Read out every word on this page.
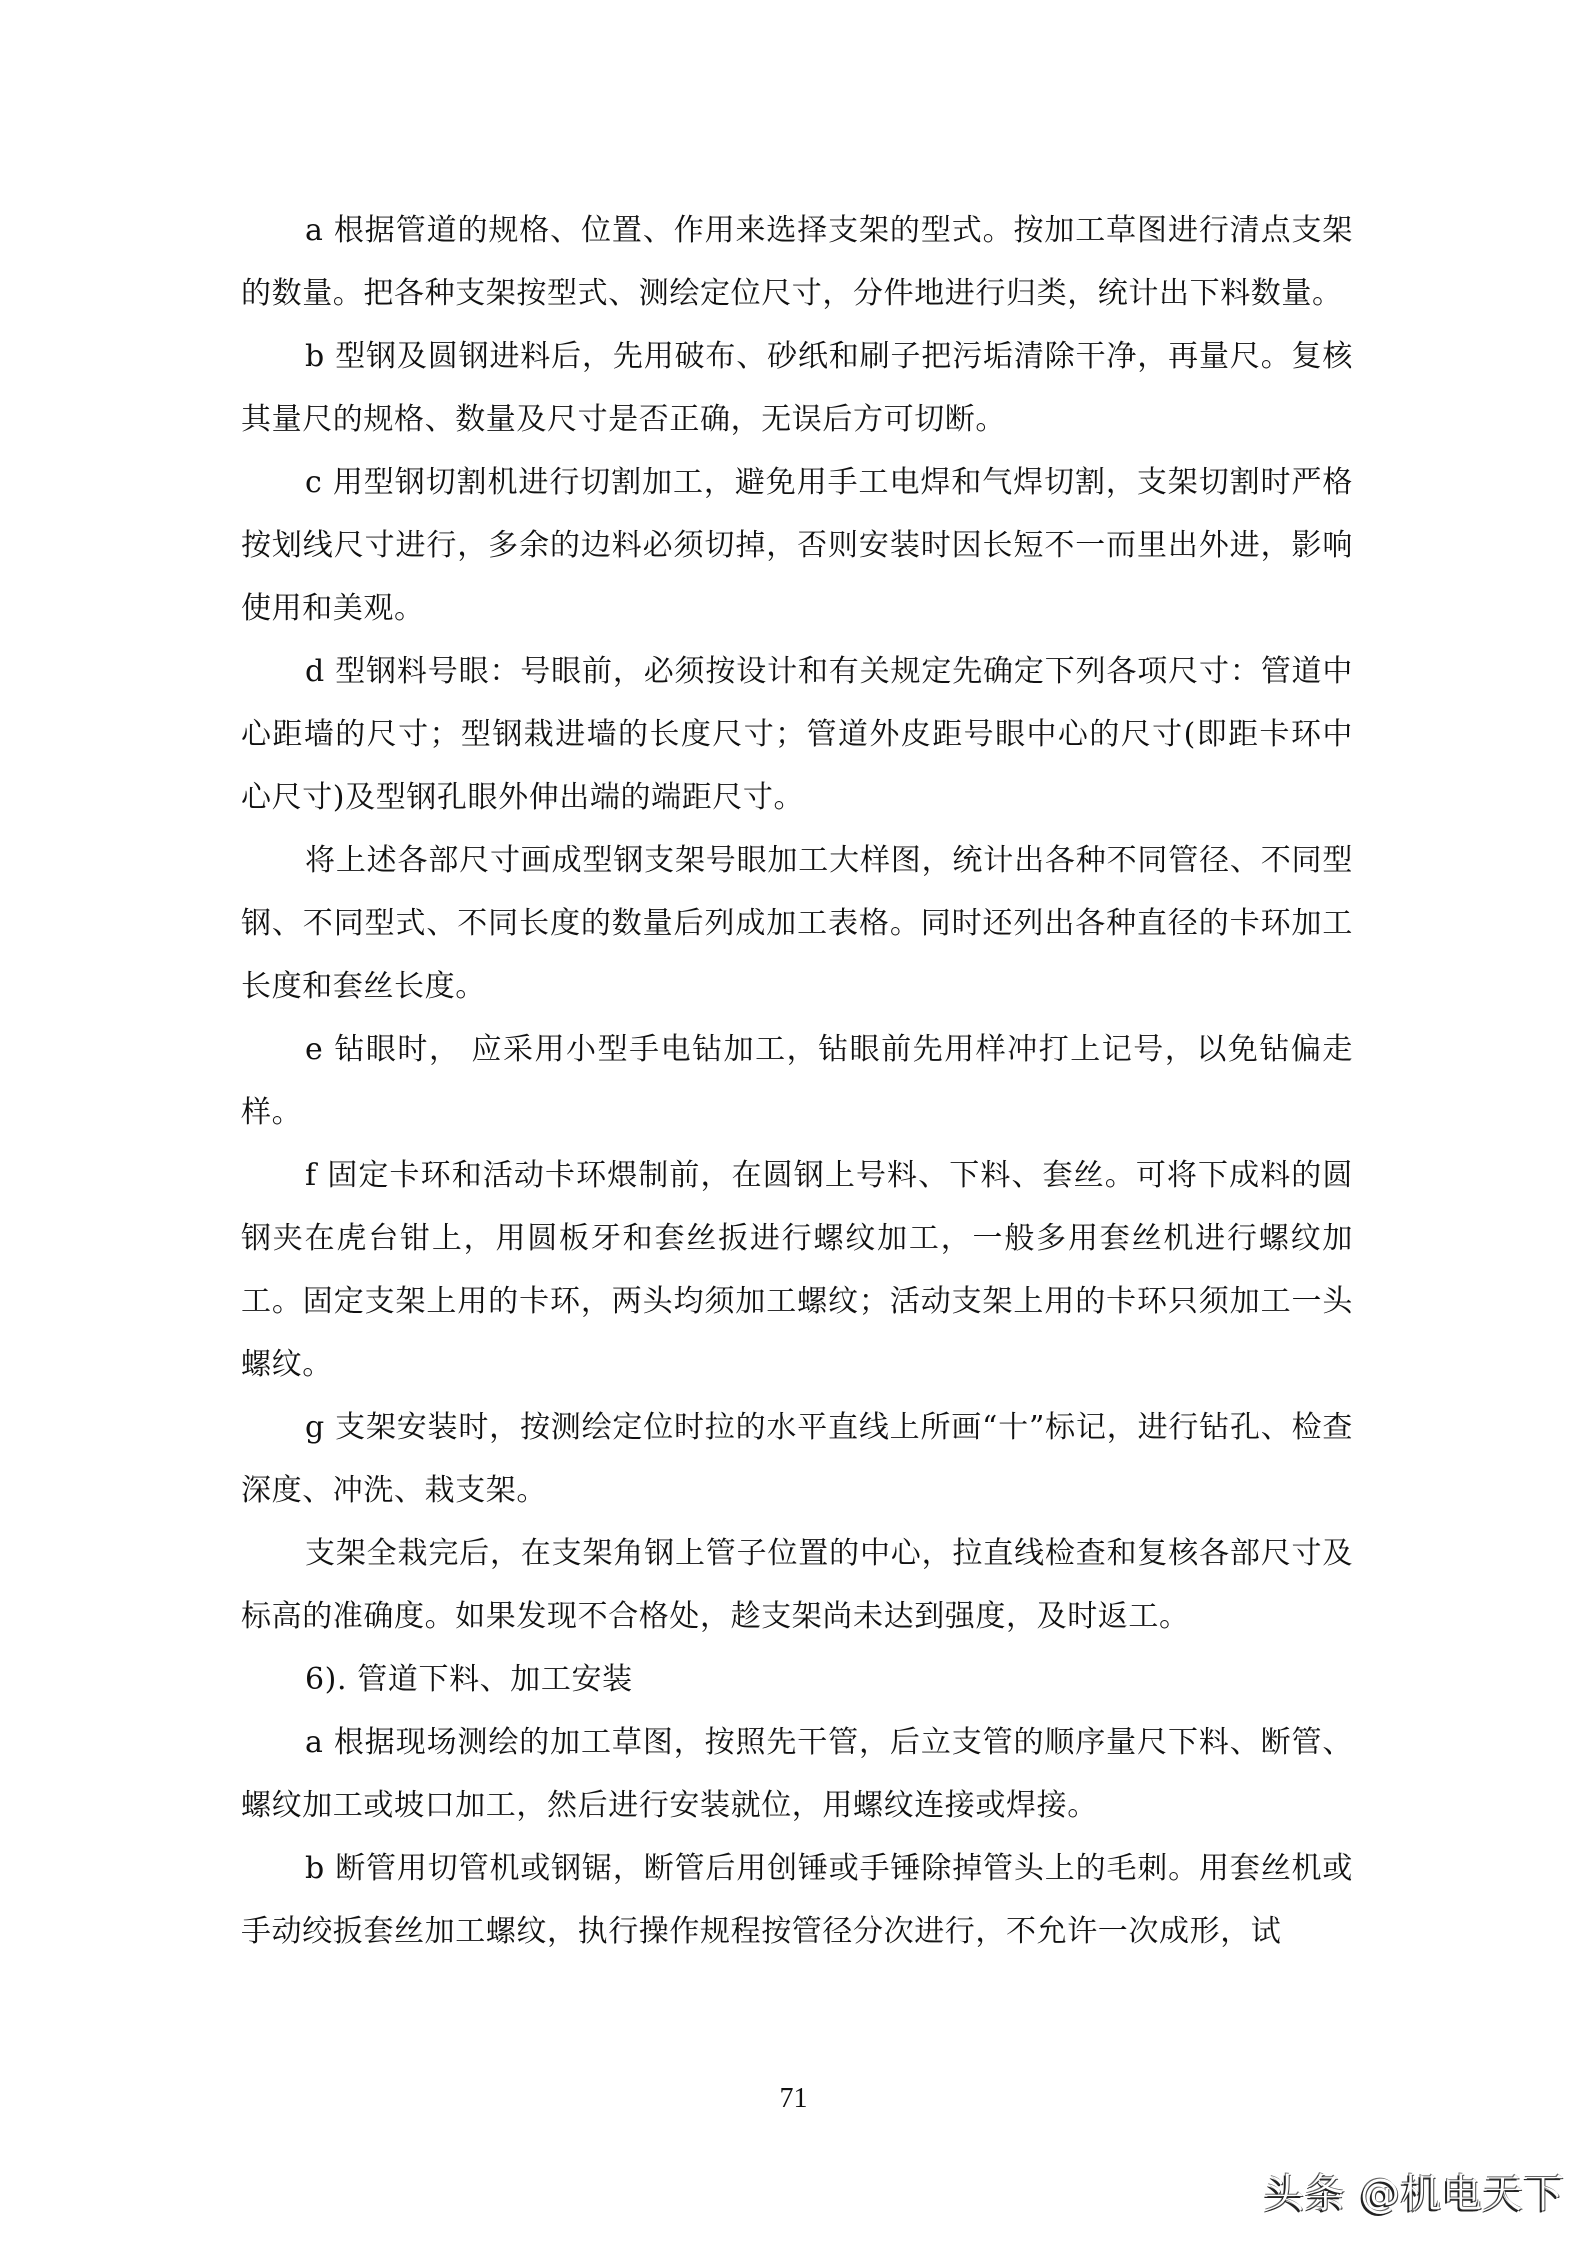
a 根据管道的规格、位置、作用来选择支架的型式。按加工草图进行清点支架的数量。把各种支架按型式、测绘定位尺寸，分件地进行归类，统计出下料数量。

b 型钢及圆钢进料后，先用破布、砂纸和刷子把污垢清除干净，再量尺。复核其量尺的规格、数量及尺寸是否正确，无误后方可切断。

c 用型钢切割机进行切割加工，避免用手工电焊和气焊切割，支架切割时严格按划线尺寸进行，多余的边料必须切掉，否则安装时因长短不一而里出外进，影响使用和美观。

d 型钢料号眼：号眼前，必须按设计和有关规定先确定下列各项尺寸：管道中心距墙的尺寸；型钢栽进墙的长度尺寸；管道外皮距号眼中心的尺寸(即距卡环中心尺寸)及型钢孔眼外伸出端的端距尺寸。

将上述各部尺寸画成型钢支架号眼加工大样图，统计出各种不同管径、不同型钢、不同型式、不同长度的数量后列成加工表格。同时还列出各种直径的卡环加工长度和套丝长度。

e 钻眼时， 应采用小型手电钻加工，钻眼前先用样冲打上记号，以免钻偏走样。

f 固定卡环和活动卡环煨制前，在圆钢上号料、下料、套丝。可将下成料的圆钢夹在虎台钳上，用圆板牙和套丝扳进行螺纹加工，一般多用套丝机进行螺纹加工。固定支架上用的卡环，两头均须加工螺纹；活动支架上用的卡环只须加工一头螺纹。

g 支架安装时，按测绘定位时拉的水平直线上所画“十”标记，进行钻孔、检查深度、冲洗、栽支架。

支架全栽完后，在支架角钢上管子位置的中心，拉直线检查和复核各部尺寸及标高的准确度。如果发现不合格处，趁支架尚未达到强度，及时返工。

6). 管道下料、加工安装

a 根据现场测绘的加工草图，按照先干管，后立支管的顺序量尺下料、断管、螺纹加工或坡口加工，然后进行安装就位，用螺纹连接或焊接。

b 断管用切管机或钢锯，断管后用创锤或手锤除掉管头上的毛刺。用套丝机或手动绞扳套丝加工螺纹，执行操作规程按管径分次进行，不允许一次成形，试

71
头条 @机电天下
